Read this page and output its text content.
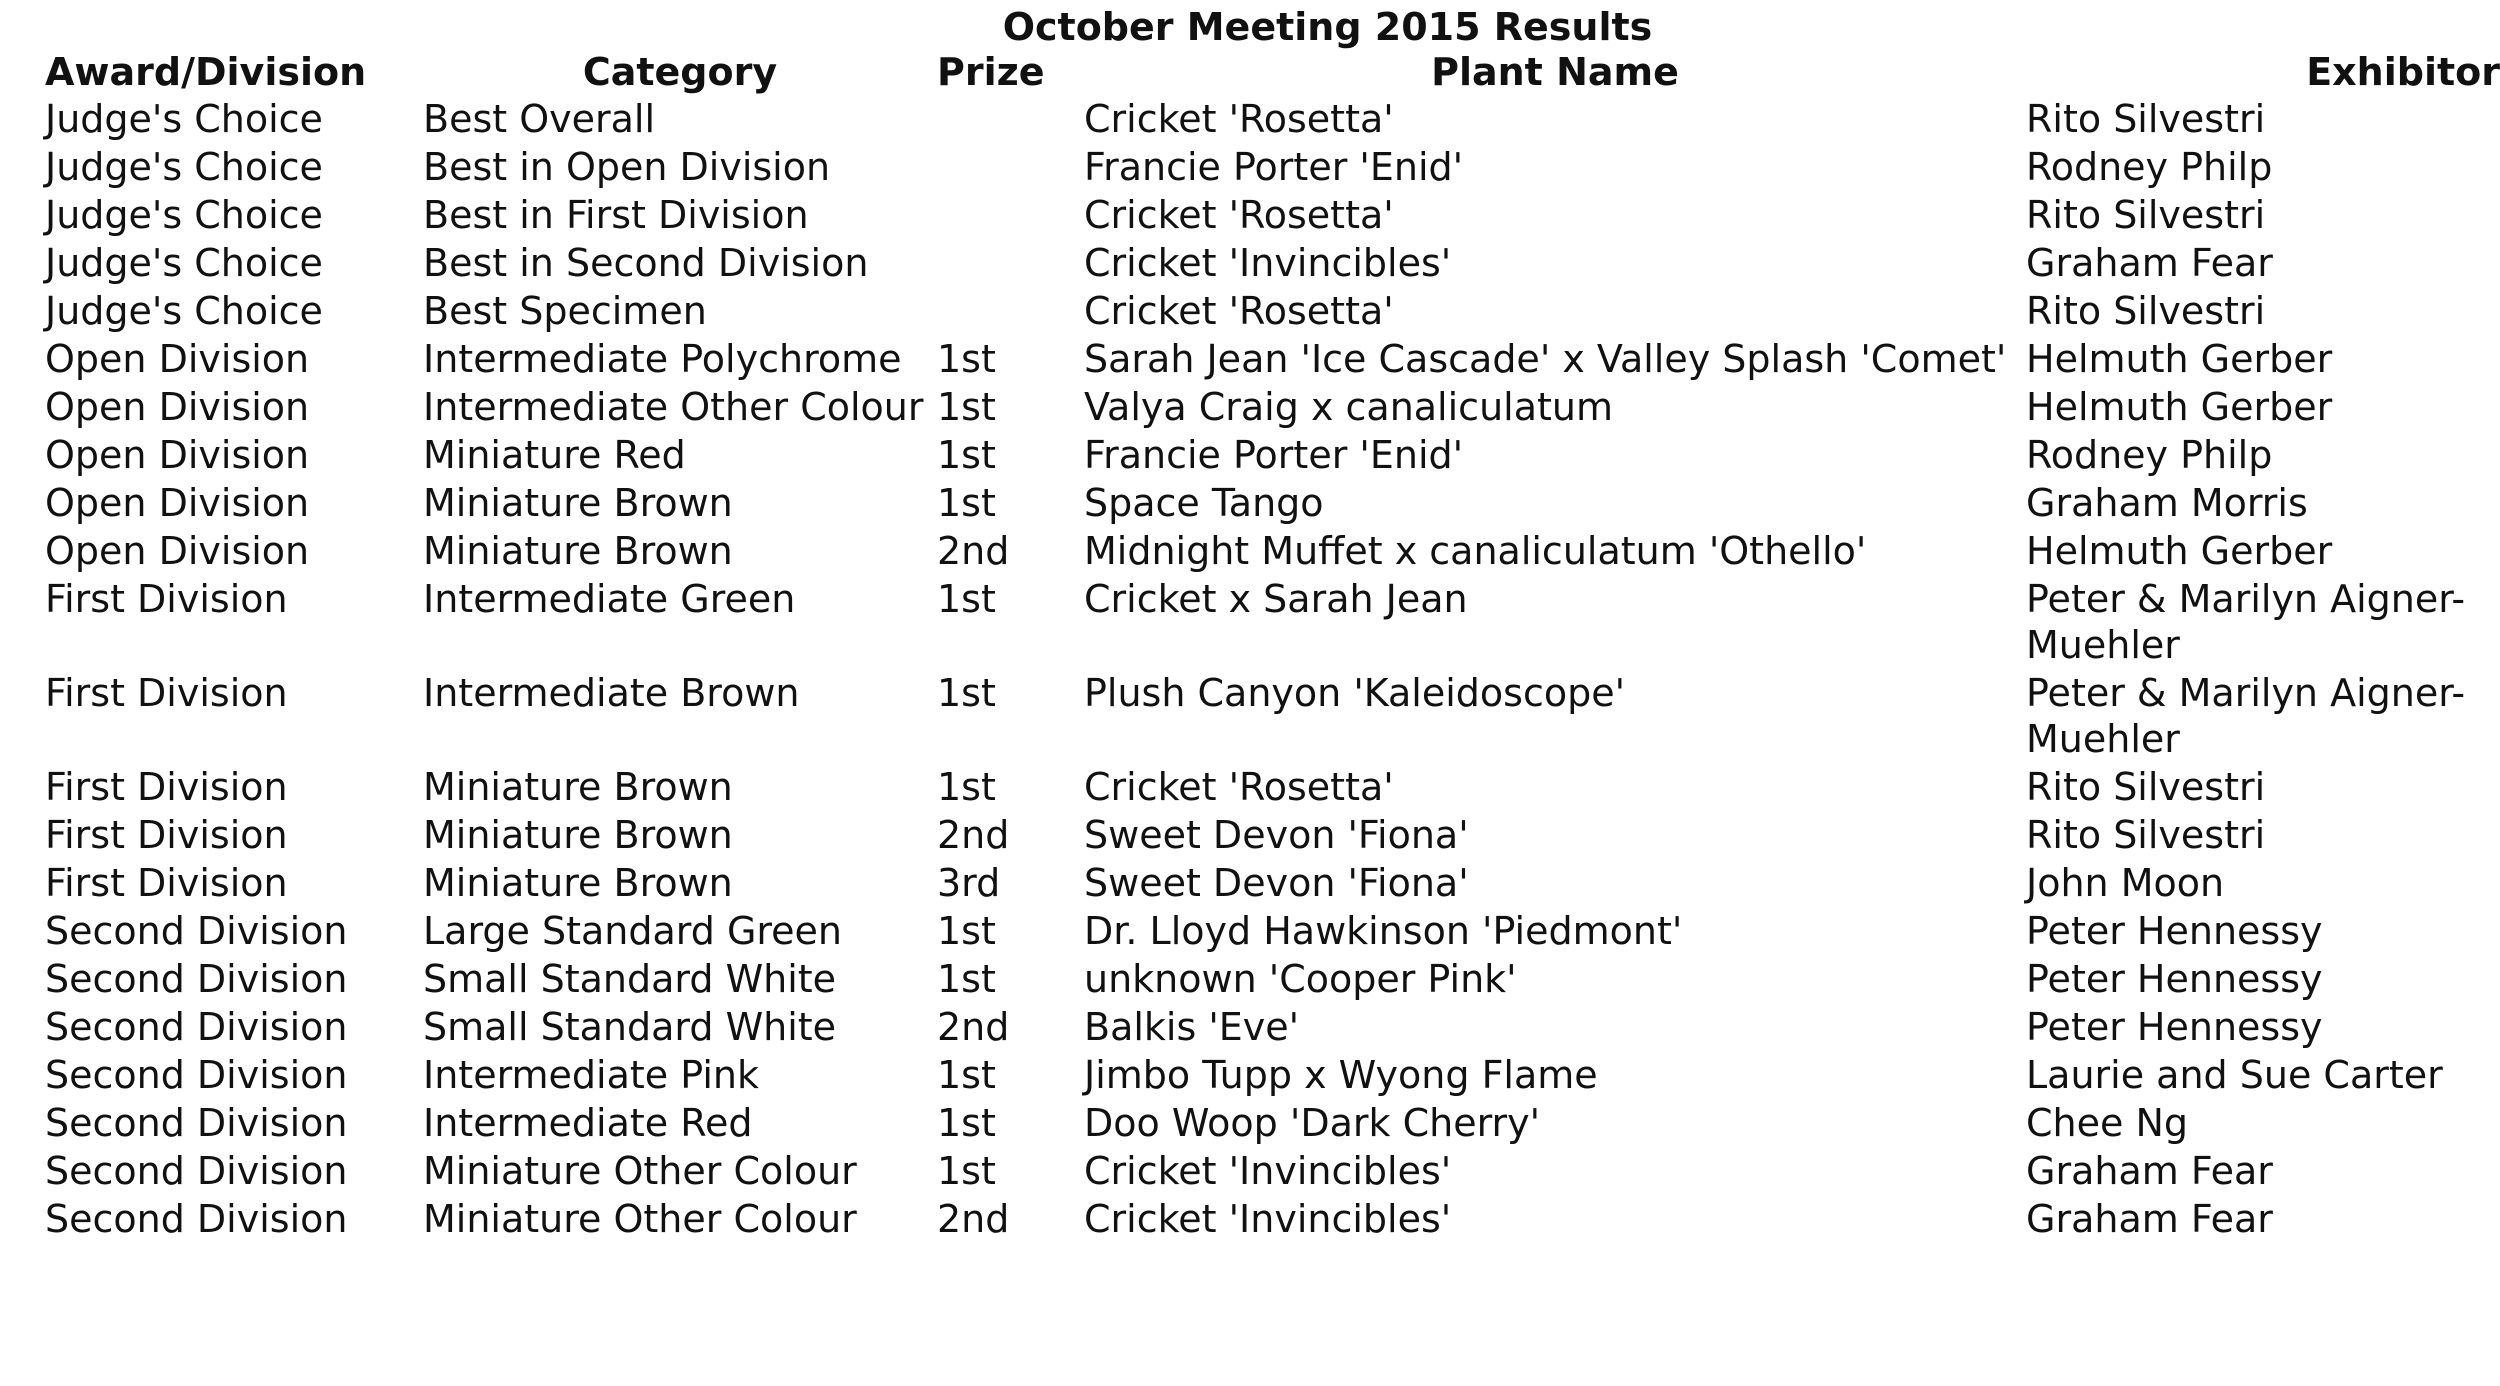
October Meeting 2015 Results
Award/Division	Category	Prize	Plant Name	Exhibitor
Judge's Choice	Best Overall		Cricket 'Rosetta'	Rito Silvestri
Judge's Choice	Best in Open Division		Francie Porter 'Enid'	Rodney Philp
Judge's Choice	Best in First Division		Cricket 'Rosetta'	Rito Silvestri
Judge's Choice	Best in Second Division		Cricket 'Invincibles'	Graham Fear
Judge's Choice	Best Specimen		Cricket 'Rosetta'	Rito Silvestri
Open Division	Intermediate Polychrome	1st	Sarah Jean 'Ice Cascade' x Valley Splash 'Comet'	Helmuth Gerber
Open Division	Intermediate Other Colour	1st	Valya Craig x canaliculatum	Helmuth Gerber
Open Division	Miniature Red	1st	Francie Porter 'Enid'	Rodney Philp
Open Division	Miniature Brown	1st	Space Tango	Graham Morris
Open Division	Miniature Brown	2nd	Midnight Muffet x canaliculatum 'Othello'	Helmuth Gerber
First Division	Intermediate Green	1st	Cricket x Sarah Jean	Peter & Marilyn Aigner-Muehler
First Division	Intermediate Brown	1st	Plush Canyon 'Kaleidoscope'	Peter & Marilyn Aigner-Muehler
First Division	Miniature Brown	1st	Cricket 'Rosetta'	Rito Silvestri
First Division	Miniature Brown	2nd	Sweet Devon 'Fiona'	Rito Silvestri
First Division	Miniature Brown	3rd	Sweet Devon 'Fiona'	John Moon
Second Division	Large Standard Green	1st	Dr. Lloyd Hawkinson 'Piedmont'	Peter Hennessy
Second Division	Small Standard White	1st	unknown 'Cooper Pink'	Peter Hennessy
Second Division	Small Standard White	2nd	Balkis 'Eve'	Peter Hennessy
Second Division	Intermediate Pink	1st	Jimbo Tupp x Wyong Flame	Laurie and Sue Carter
Second Division	Intermediate Red	1st	Doo Woop 'Dark Cherry'	Chee Ng
Second Division	Miniature Other Colour	1st	Cricket 'Invincibles'	Graham Fear
Second Division	Miniature Other Colour	2nd	Cricket 'Invincibles'	Graham Fear
